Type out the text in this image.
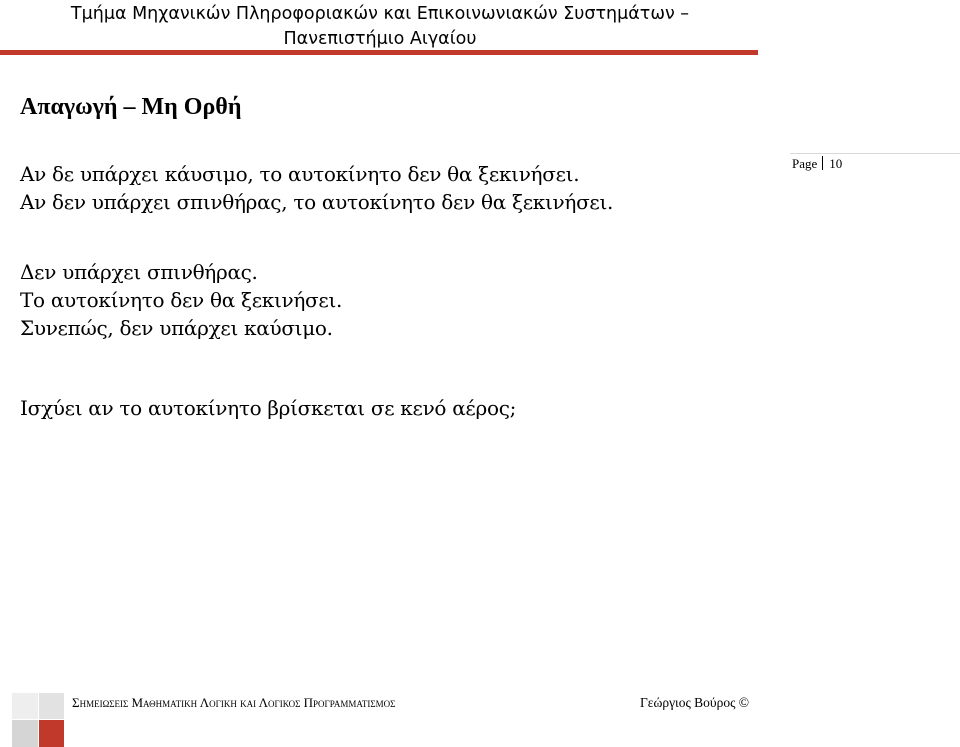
Τμήμα Μηχανικών Πληροφοριακών και Επικοινωνιακών Συστημάτων –
Πανεπιστήμιο Αιγαίου
Page 10
Απαγωγή – Μη Ορθή
Αν δε υπάρχει κάυσιμο, το αυτοκίνητο δεν θα ξεκινήσει.
Αν δεν υπάρχει σπινθήρας, το αυτοκίνητο δεν θα ξεκινήσει.
Δεν υπάρχει σπινθήρας.
Το αυτοκίνητο δεν θα ξεκινήσει.
Συνεπώς, δεν υπάρχει καύσιμο.
Ισχύει αν το αυτοκίνητο βρίσκεται σε κενό αέρος;
Σημειωσεις Μαθηματικη Λογικη και Λογικος Προγραμματισμος	Γεώργιος Βούρος ©
